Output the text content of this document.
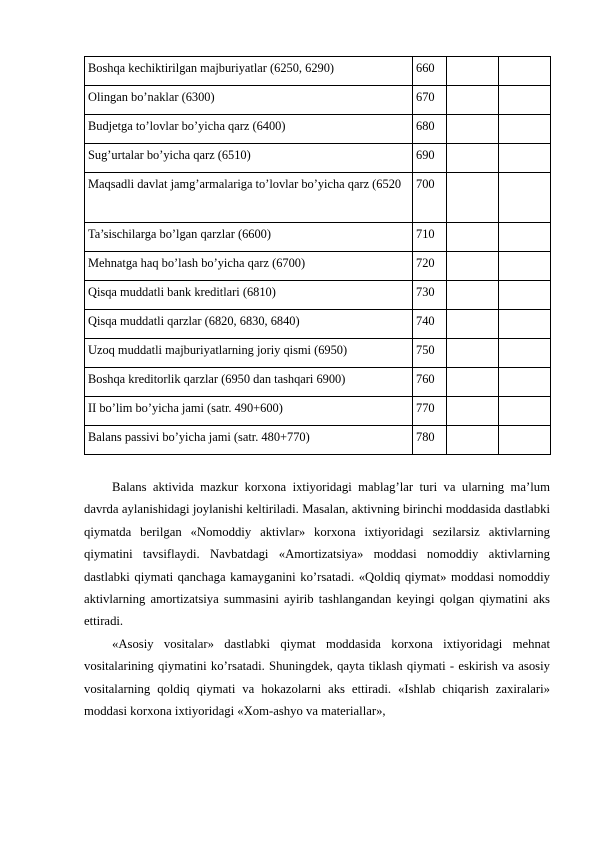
Boshqa kechiktirilgan majburiyatlar (6250, 6290)	660		
Olingan bo’naklar (6300)	670		
Budjetga to’lovlar bo’yicha qarz (6400)	680		
Sug’urtalar bo’yicha qarz (6510)	690		
Maqsadli davlat jamg’armalariga to’lovlar bo’yicha qarz (6520	700		
Ta’sischilarga bo’lgan qarzlar (6600)	710		
Mehnatga haq bo’lash bo’yicha qarz (6700)	720		
Qisqa muddatli bank kreditlari (6810)	730		
Qisqa muddatli qarzlar (6820, 6830, 6840)	740		
Uzoq muddatli majburiyatlarning joriy qismi (6950)	750		
Boshqa kreditorlik qarzlar (6950 dan tashqari 6900)	760		
II bo’lim bo’yicha jami (satr. 490+600)	770		
Balans passivi bo’yicha jami (satr. 480+770)	780		

Balans aktivida mazkur korxona ixtiyoridagi mablag’lar turi va ularning ma’lum davrda aylanishidagi joylanishi keltiriladi. Masalan, aktivning birinchi moddasida dastlabki qiymatda berilgan «Nomoddiy aktivlar» korxona ixtiyoridagi sezilarsiz aktivlarning qiymatini tavsiflaydi. Navbatdagi «Amortizatsiya» moddasi nomoddiy aktivlarning dastlabki qiymati qanchaga kamayganini ko’rsatadi. «Qoldiq qiymat» moddasi nomoddiy aktivlarning amortizatsiya summasini ayirib tashlangandan keyingi qolgan qiymatini aks ettiradi.

«Asosiy vositalar» dastlabki qiymat moddasida korxona ixtiyoridagi mehnat vositalarining qiymatini ko’rsatadi. Shuningdek, qayta tiklash qiymati - eskirish va asosiy vositalarning qoldiq qiymati va hokazolarni aks ettiradi. «Ishlab chiqarish zaxiralari» moddasi korxona ixtiyoridagi «Xom-ashyo va materiallar»,
